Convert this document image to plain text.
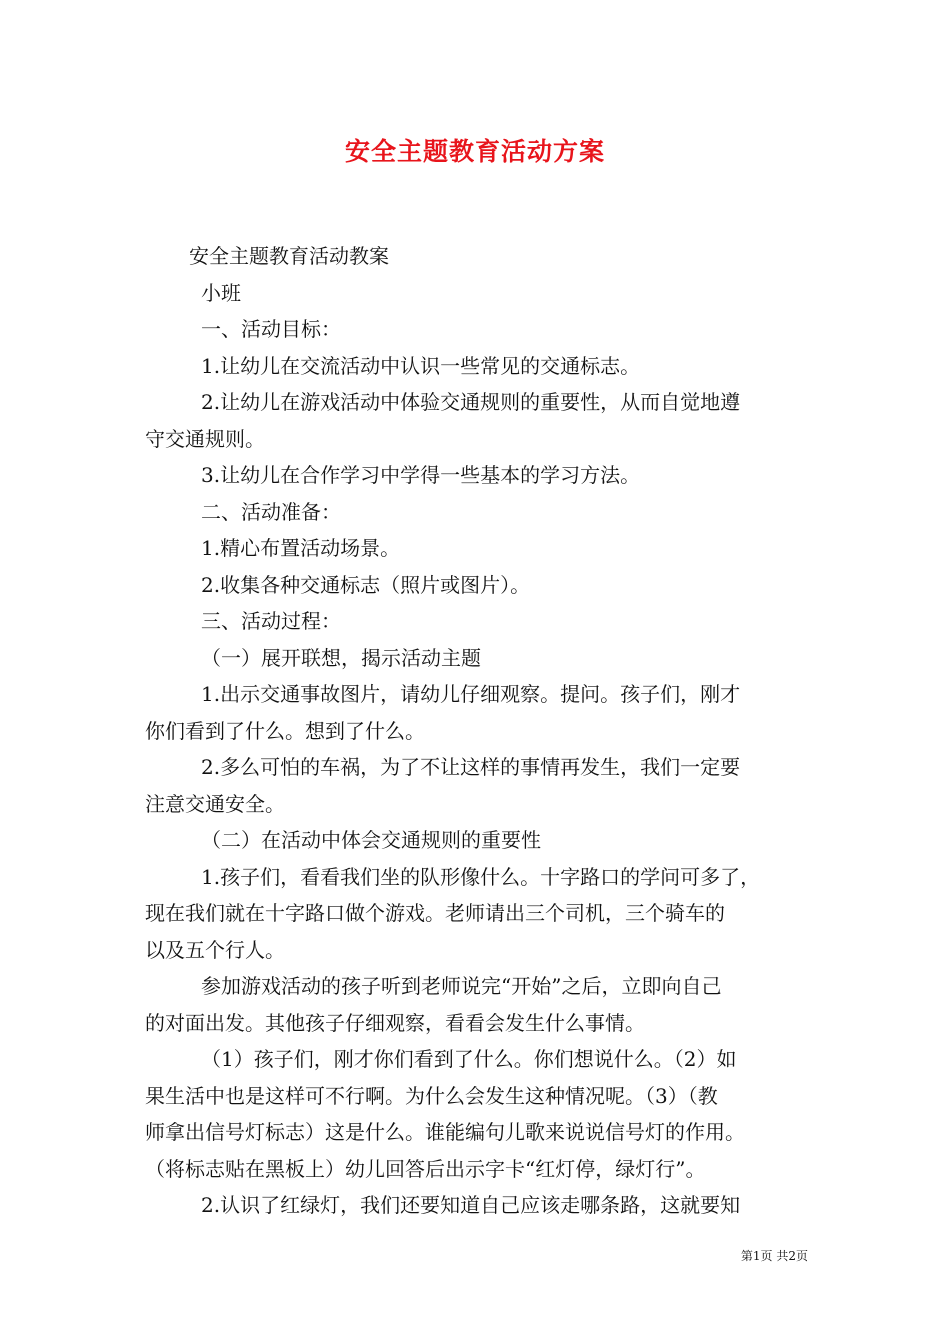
安全主题教育活动方案
安全主题教育活动教案
小班
一、活动目标：
1.让幼儿在交流活动中认识一些常见的交通标志。
2.让幼儿在游戏活动中体验交通规则的重要性，从而自觉地遵
守交通规则。
3.让幼儿在合作学习中学得一些基本的学习方法。
二、活动准备：
1.精心布置活动场景。
2.收集各种交通标志（照片或图片）。
三、活动过程：
（一）展开联想，揭示活动主题
1.出示交通事故图片，请幼儿仔细观察。提问。孩子们，刚才
你们看到了什么。想到了什么。
2.多么可怕的车祸，为了不让这样的事情再发生，我们一定要
注意交通安全。
（二）在活动中体会交通规则的重要性
1.孩子们，看看我们坐的队形像什么。十字路口的学问可多了，
现在我们就在十字路口做个游戏。老师请出三个司机，三个骑车的
以及五个行人。
参加游戏活动的孩子听到老师说完“开始”之后，立即向自己
的对面出发。其他孩子仔细观察，看看会发生什么事情。
（1）孩子们，刚才你们看到了什么。你们想说什么。（2）如
果生活中也是这样可不行啊。为什么会发生这种情况呢。（3）（教
师拿出信号灯标志）这是什么。谁能编句儿歌来说说信号灯的作用。
（将标志贴在黑板上）幼儿回答后出示字卡“红灯停，绿灯行”。
2.认识了红绿灯，我们还要知道自己应该走哪条路，这就要知
第1页 共2页
